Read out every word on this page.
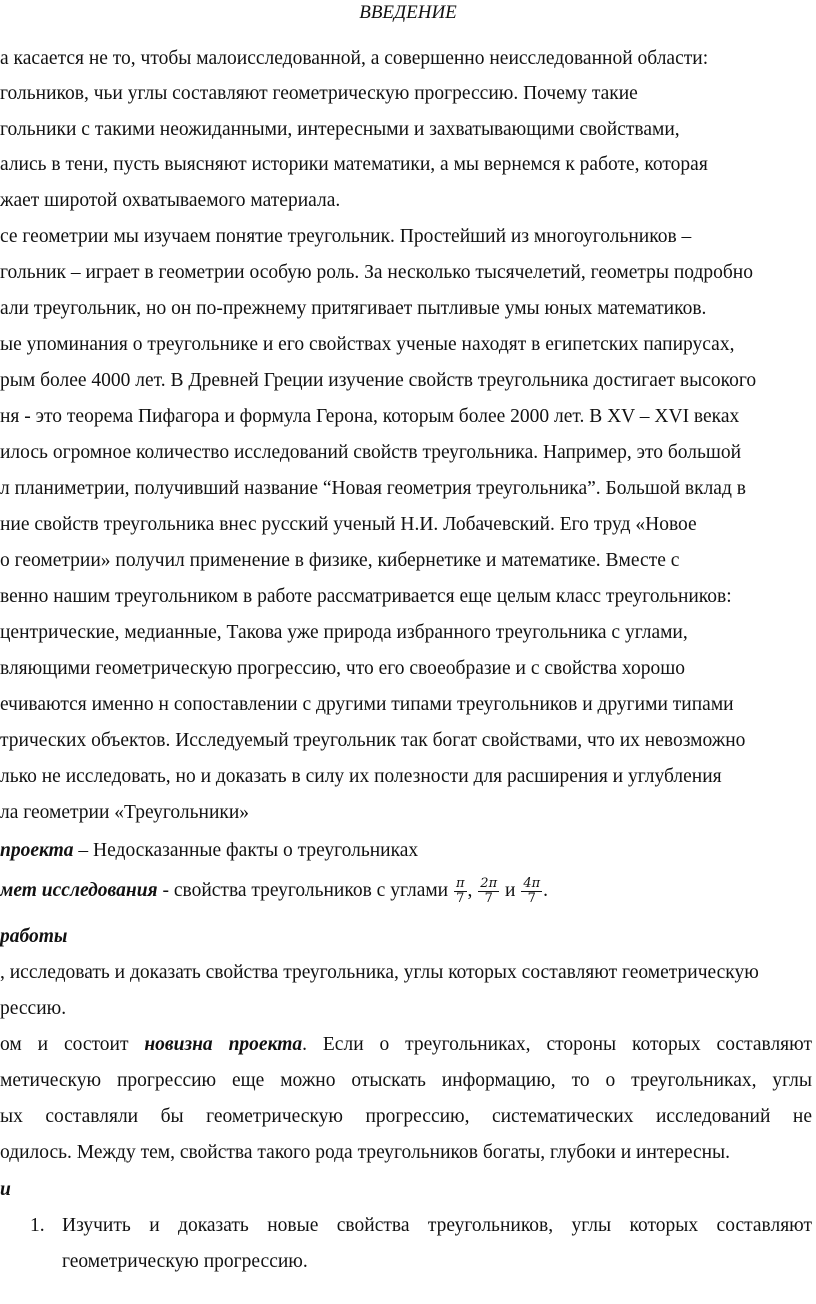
ВВЕДЕНИЕ
а касается не то, чтобы малоисследованной, а совершенно неисследованной области:
гольников, чьи углы составляют геометрическую прогрессию. Почему такие
гольники с такими неожиданными, интересными и захватывающими свойствами,
ались в тени, пусть выясняют историки математики, а мы вернемся к работе, которая
жает широтой охватываемого материала.
се геометрии мы изучаем понятие треугольник. Простейший из многоугольников –
гольник – играет в геометрии особую роль. За несколько тысячелетий, геометры подробно
али треугольник, но он по-прежнему притягивает пытливые умы юных математиков.
ые упоминания о треугольнике и его свойствах ученые находят в египетских папирусах,
рым более 4000 лет. В Древней Греции изучение свойств треугольника достигает высокого
ня - это теорема Пифагора и формула Герона, которым более 2000 лет. В XV – XVI веках
илось огромное количество исследований свойств треугольника. Например, это большой
л планиметрии, получивший название “Новая геометрия треугольника”. Большой вклад в
ние свойств треугольника внес русский ученый Н.И. Лобачевский. Его труд «Новое
о геометрии» получил применение в физике, кибернетике и математике. Вместе с
венно нашим треугольником в работе рассматривается еще целым класс треугольников:
центрические, медианные, Такова уже природа избранного треугольника с углами,
вляющими геометрическую прогрессию, что его своеобразие и с свойства хорошо
ечиваются именно н сопоставлении с другими типами треугольников и другими типами
трических объектов. Исследуемый треугольник так богат свойствами, что их невозможно
лько не исследовать, но и доказать в силу их полезности для расширения и углубления
ла геометрии «Треугольники»
проекта – Недосказанные факты о треугольниках
мет исследования - свойства треугольников с углами $\frac{\pi}{7}$ , $\frac{2\pi}{7}$ и $\frac{4\pi}{7}$ .
работы
, исследовать и доказать свойства треугольника, углы которых составляют геометрическую
рессию.
ом и состоит новизна проекта. Если о треугольниках, стороны которых составляют
метическую прогрессию еще можно отыскать информацию, то о треугольниках, углы
ых составляли бы геометрическую прогрессию, систематических исследований не
одилось. Между тем, свойства такого рода треугольников богаты, глубоки и интересны.
и
1. Изучить и доказать новые свойства треугольников, углы которых составляют
геометрическую прогрессию.
